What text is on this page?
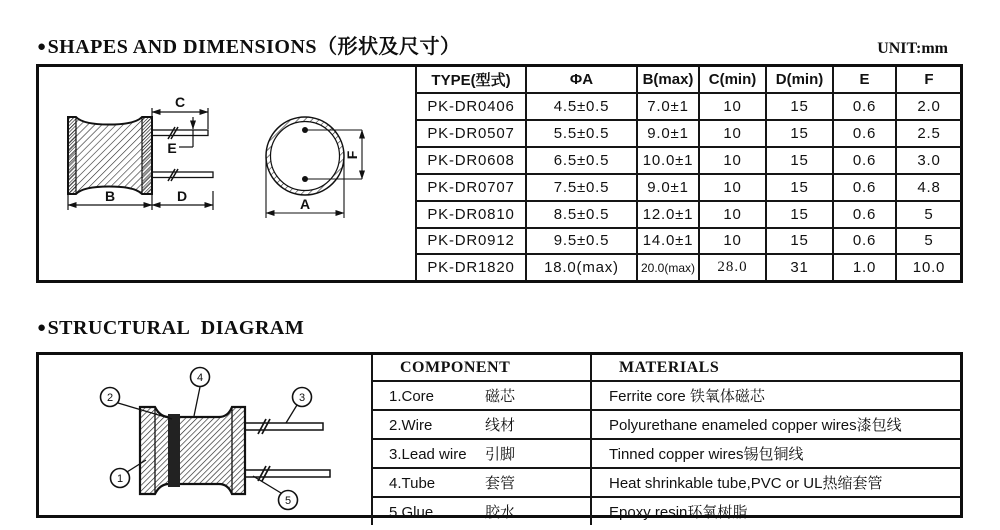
●SHAPES AND DIMENSIONS（形状及尺寸）	UNIT:mm
C
E
B	D
F
A
TYPE(型式)	ΦA	B(max)	C(min)	D(min)	E	F
PK-DR0406	4.5±0.5	7.0±1	10	15	0.6	2.0
PK-DR0507	5.5±0.5	9.0±1	10	15	0.6	2.5
PK-DR0608	6.5±0.5	10.0±1	10	15	0.6	3.0
PK-DR0707	7.5±0.5	9.0±1	10	15	0.6	4.8
PK-DR0810	8.5±0.5	12.0±1	10	15	0.6	5
PK-DR0912	9.5±0.5	14.0±1	10	15	0.6	5
PK-DR1820	18.0(max)	20.0(max)	28.0	31	1.0	10.0
●STRUCTURAL DIAGRAM
4
2	3
1
5
COMPONENT	MATERIALS
1.Core 磁芯	Ferrite core 铁氧体磁芯
2.Wire 线材	Polyurethane enameled copper wires漆包线
3.Lead wire 引脚	Tinned copper wires锡包铜线
4.Tube 套管	Heat shrinkable tube,PVC or UL热缩套管
5.Glue 胶水	Epoxy resin环氧树脂
